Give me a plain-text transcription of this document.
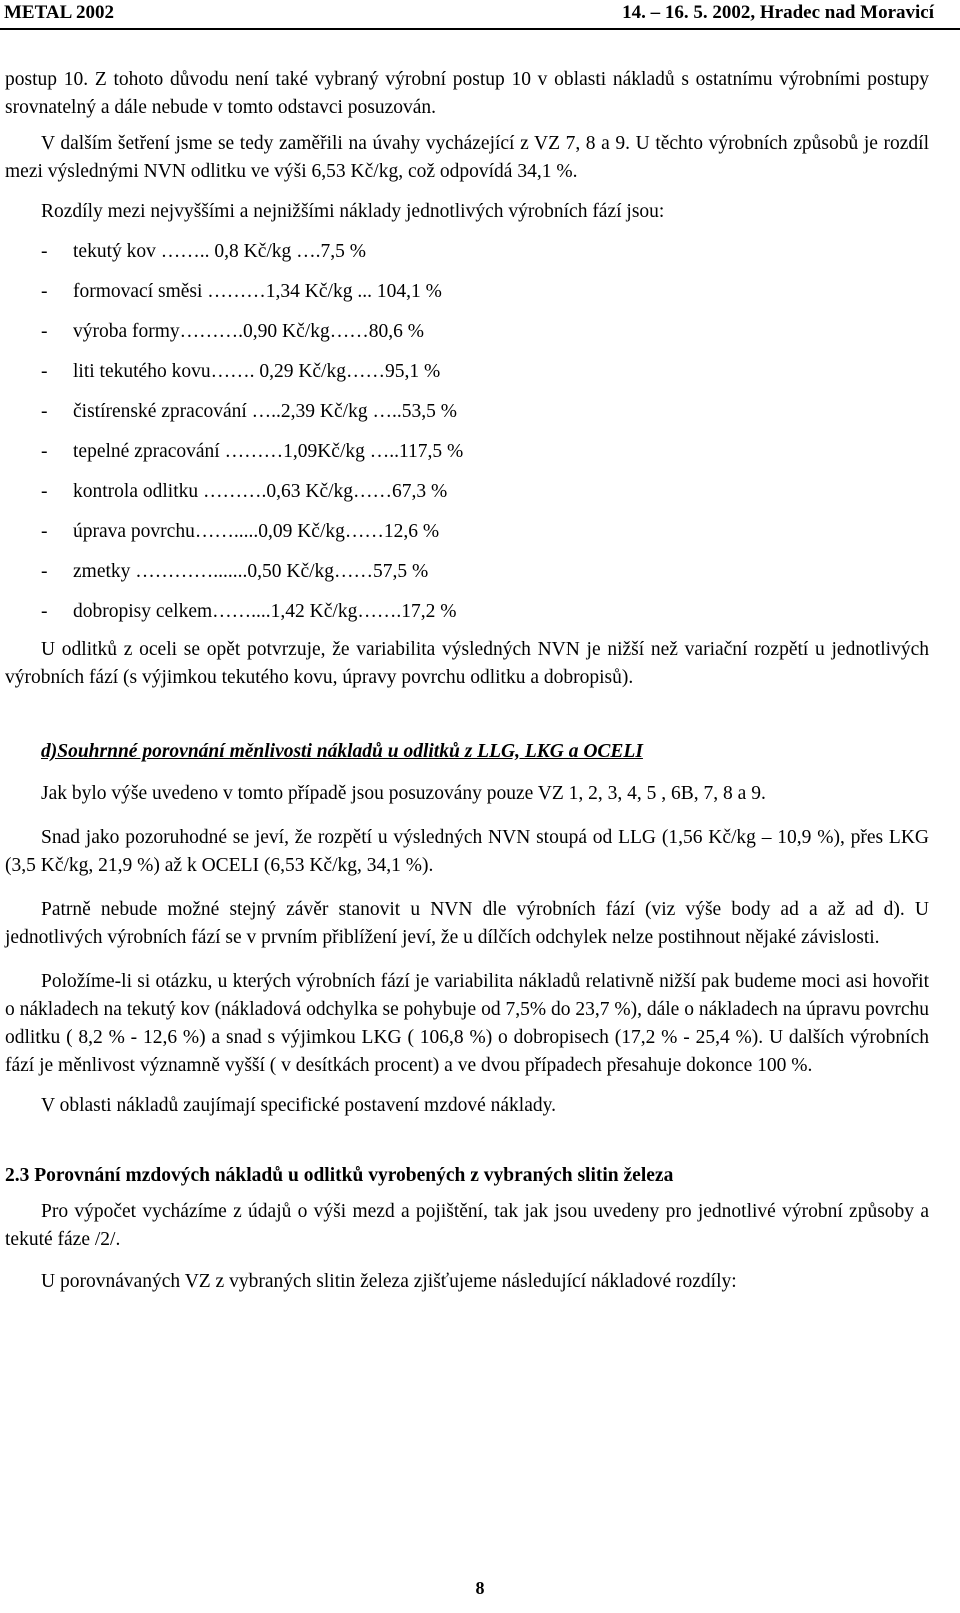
METAL 2002	14. – 16. 5. 2002, Hradec nad Moravicí

postup 10. Z tohoto důvodu není také vybraný výrobní postup 10 v oblasti nákladů s ostatnímu výrobními postupy srovnatelný a dále nebude v tomto odstavci posuzován.

V dalším šetření jsme se tedy zaměřili na úvahy vycházející z VZ 7, 8 a 9. U těchto výrobních způsobů je rozdíl mezi výslednými NVN odlitku ve výši 6,53 Kč/kg, což odpovídá 34,1 %.

Rozdíly mezi nejvyššími a nejnižšími náklady jednotlivých výrobních fází jsou:

- tekutý kov …….. 0,8 Kč/kg ….7,5 %
- formovací směsi ………1,34 Kč/kg ... 104,1 %
- výroba formy……….0,90 Kč/kg……80,6 %
- liti tekutého kovu……. 0,29 Kč/kg……95,1 %
- čistírenské zpracování …..2,39 Kč/kg …..53,5 %
- tepelné zpracování ………1,09Kč/kg …..117,5 %
- kontrola odlitku ……….0,63 Kč/kg……67,3 %
- úprava povrchu…….....0,09 Kč/kg……12,6 %
- zmetky ………….......0,50 Kč/kg……57,5 %
- dobropisy celkem……....1,42 Kč/kg…….17,2 %

U odlitků z oceli se opět potvrzuje, že variabilita výsledných NVN je nižší než variační rozpětí u jednotlivých výrobních fází (s výjimkou tekutého kovu, úpravy povrchu odlitku a dobropisů).

d)Souhrnné porovnání měnlivosti nákladů u odlitků z LLG, LKG a OCELI

Jak bylo výše uvedeno v tomto případě jsou posuzovány pouze VZ 1, 2, 3, 4, 5 , 6B, 7, 8 a 9.

Snad jako pozoruhodné se jeví, že rozpětí u výsledných NVN stoupá od LLG (1,56 Kč/kg – 10,9 %), přes LKG (3,5 Kč/kg, 21,9 %) až k OCELI (6,53 Kč/kg, 34,1 %).

Patrně nebude možné stejný závěr stanovit u NVN dle výrobních fází (viz výše body ad a až ad d). U jednotlivých výrobních fází se v prvním přiblížení jeví, že u dílčích odchylek nelze postihnout nějaké závislosti.

Položíme-li si otázku, u kterých výrobních fází je variabilita nákladů relativně nižší pak budeme moci asi hovořit o nákladech na tekutý kov (nákladová odchylka se pohybuje od 7,5% do 23,7 %), dále o nákladech na úpravu povrchu odlitku ( 8,2 % - 12,6 %) a snad s výjimkou LKG ( 106,8 %) o dobropisech (17,2 % - 25,4 %). U dalších výrobních fází je měnlivost významně vyšší ( v desítkách procent) a ve dvou případech přesahuje dokonce 100 %.

V oblasti nákladů zaujímají specifické postavení mzdové náklady.

2.3 Porovnání mzdových nákladů u odlitků vyrobených z vybraných slitin železa

Pro výpočet vycházíme z údajů o výši mezd a pojištění, tak jak jsou uvedeny pro jednotlivé výrobní způsoby a tekuté fáze /2/.

U porovnávaných VZ z vybraných slitin železa zjišťujeme následující nákladové rozdíly:

8
